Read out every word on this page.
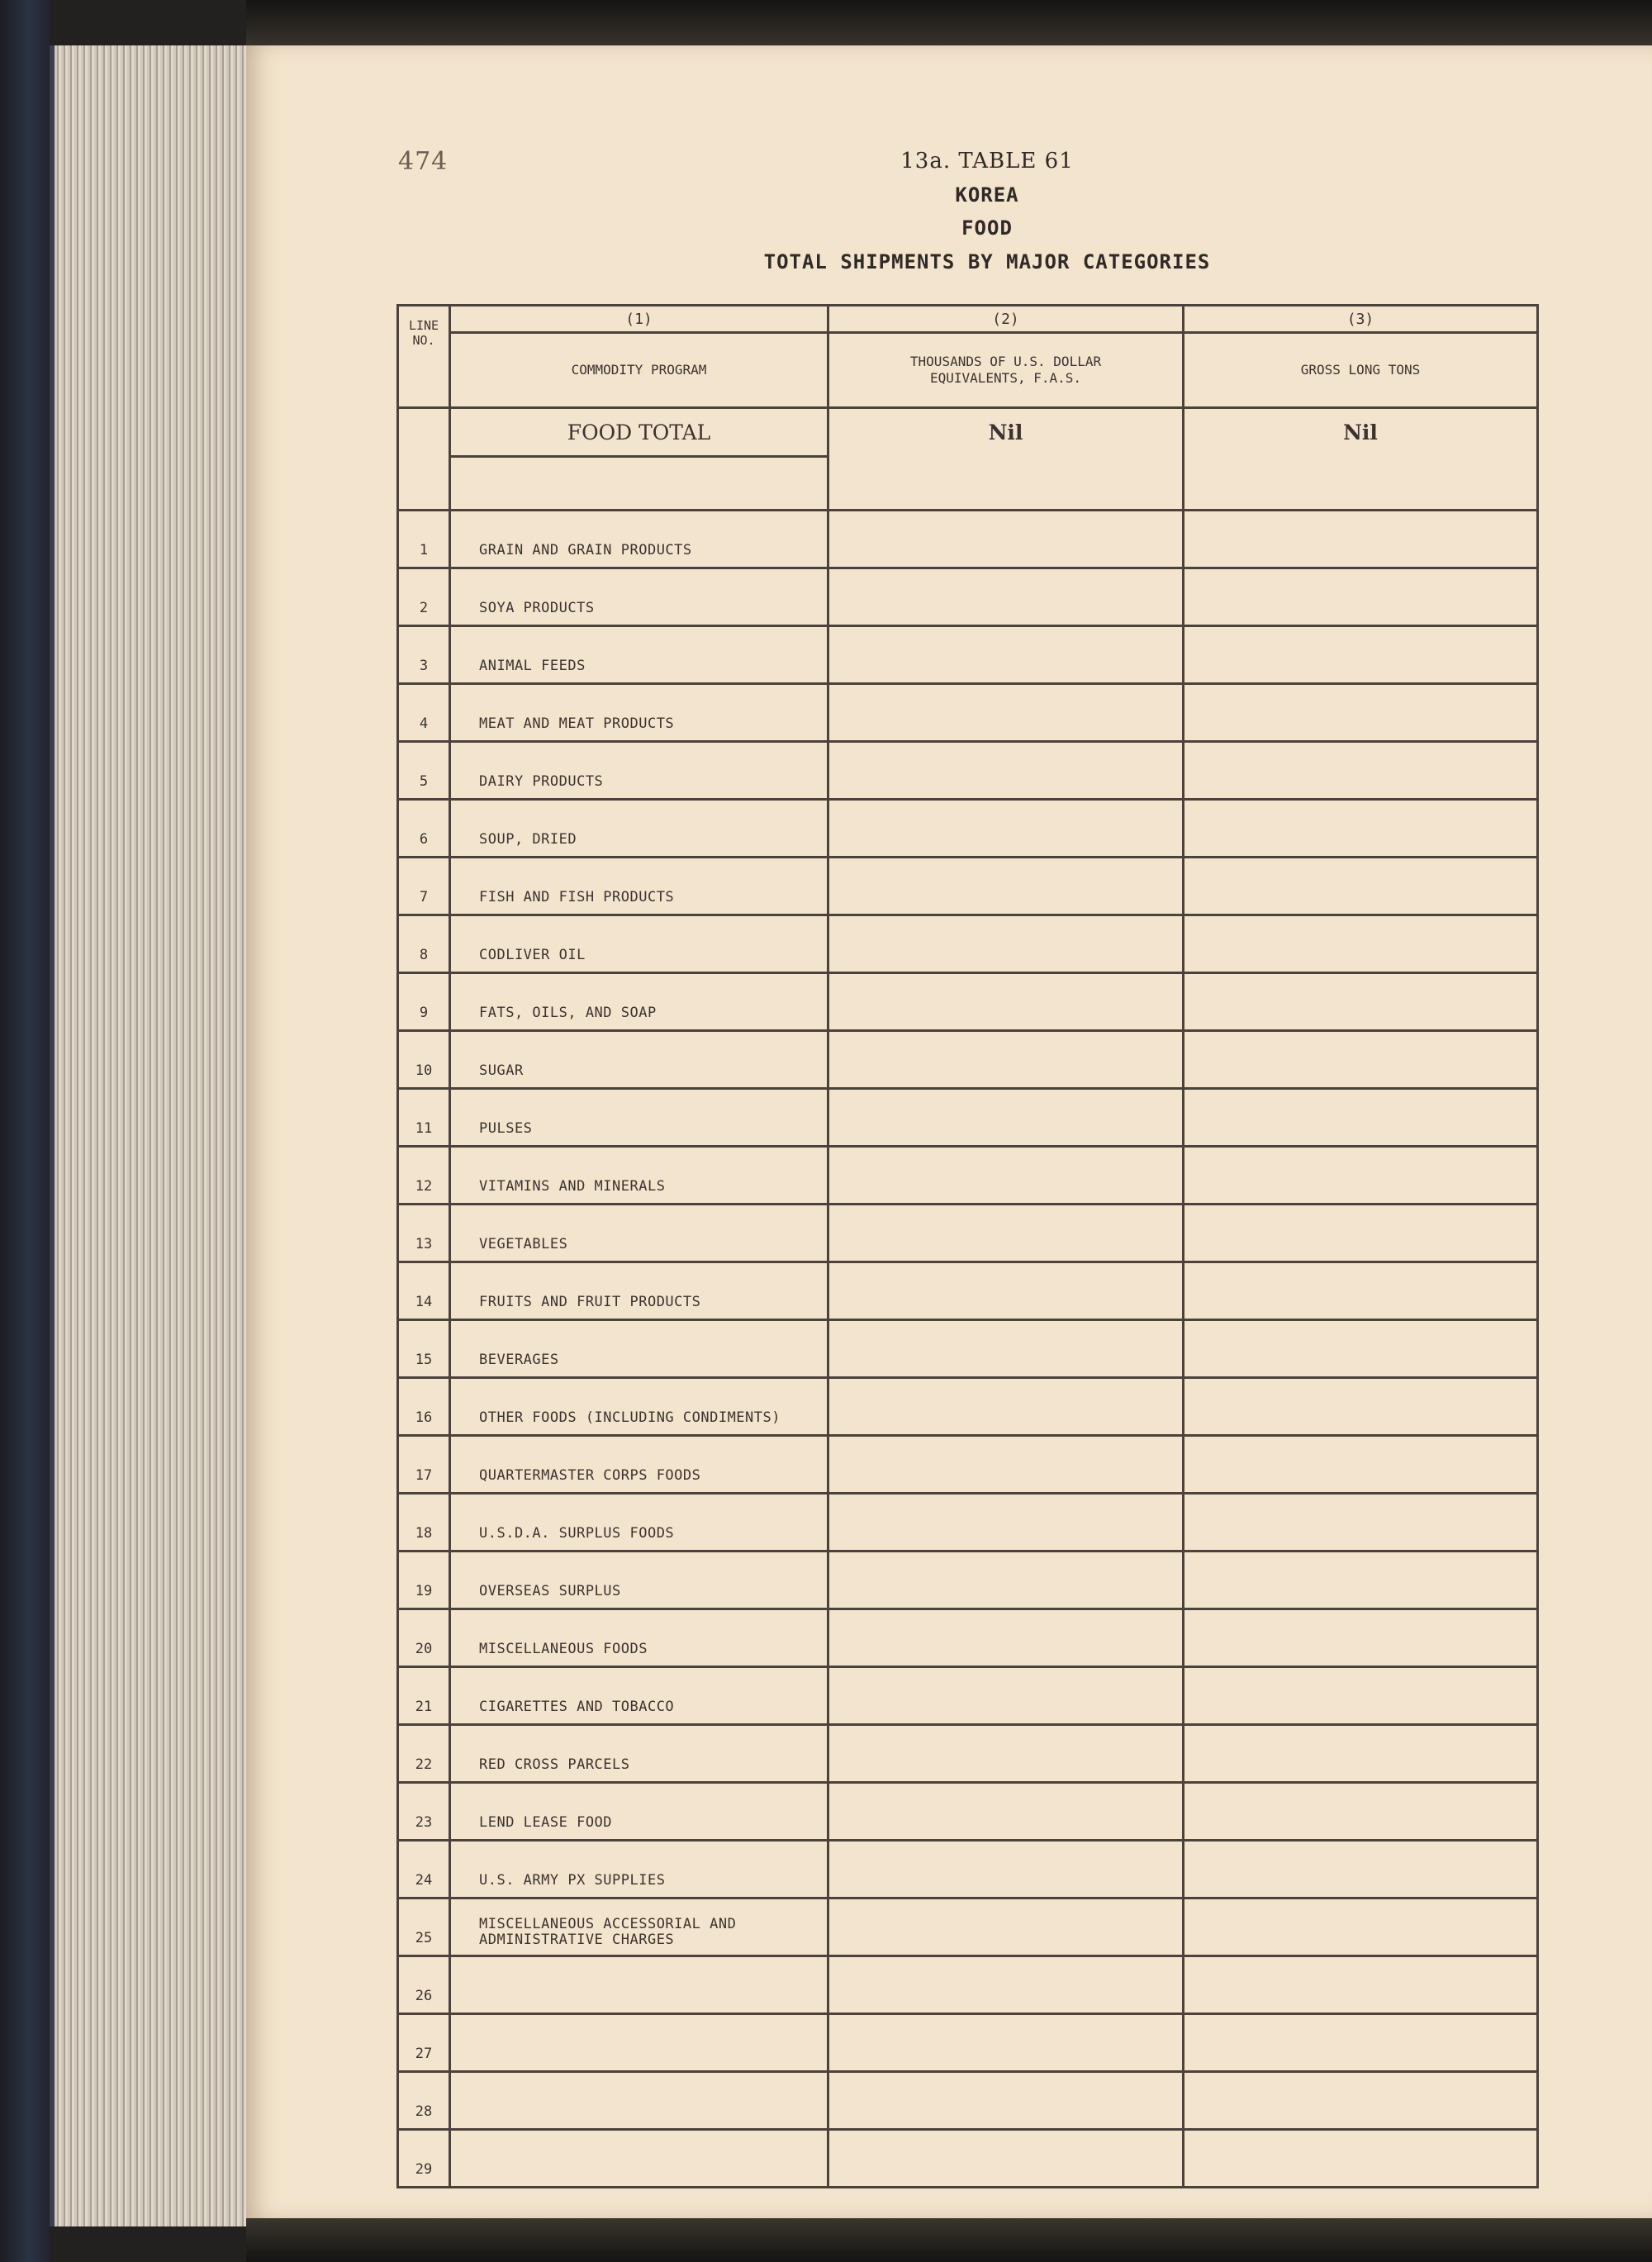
474	13a. TABLE 61
KOREA
FOOD
TOTAL SHIPMENTS BY MAJOR CATEGORIES
LINE NO.	(1)	(2)	(3)
	COMMODITY PROGRAM	THOUSANDS OF U.S. DOLLAR EQUIVALENTS, F.A.S.	GROSS LONG TONS
	FOOD TOTAL	Nil	Nil

1	GRAIN AND GRAIN PRODUCTS		
2	SOYA PRODUCTS		
3	ANIMAL FEEDS		
4	MEAT AND MEAT PRODUCTS		
5	DAIRY PRODUCTS		
6	SOUP, DRIED		
7	FISH AND FISH PRODUCTS		
8	CODLIVER OIL		
9	FATS, OILS, AND SOAP		
10	SUGAR		
11	PULSES		
12	VITAMINS AND MINERALS		
13	VEGETABLES		
14	FRUITS AND FRUIT PRODUCTS		
15	BEVERAGES		
16	OTHER FOODS (INCLUDING CONDIMENTS)		
17	QUARTERMASTER CORPS FOODS		
18	U.S.D.A. SURPLUS FOODS		
19	OVERSEAS SURPLUS		
20	MISCELLANEOUS FOODS		
21	CIGARETTES AND TOBACCO		
22	RED CROSS PARCELS		
23	LEND LEASE FOOD		
24	U.S. ARMY PX SUPPLIES		
25	MISCELLANEOUS ACCESSORIAL AND ADMINISTRATIVE CHARGES		
26			
27			
28			
29			
